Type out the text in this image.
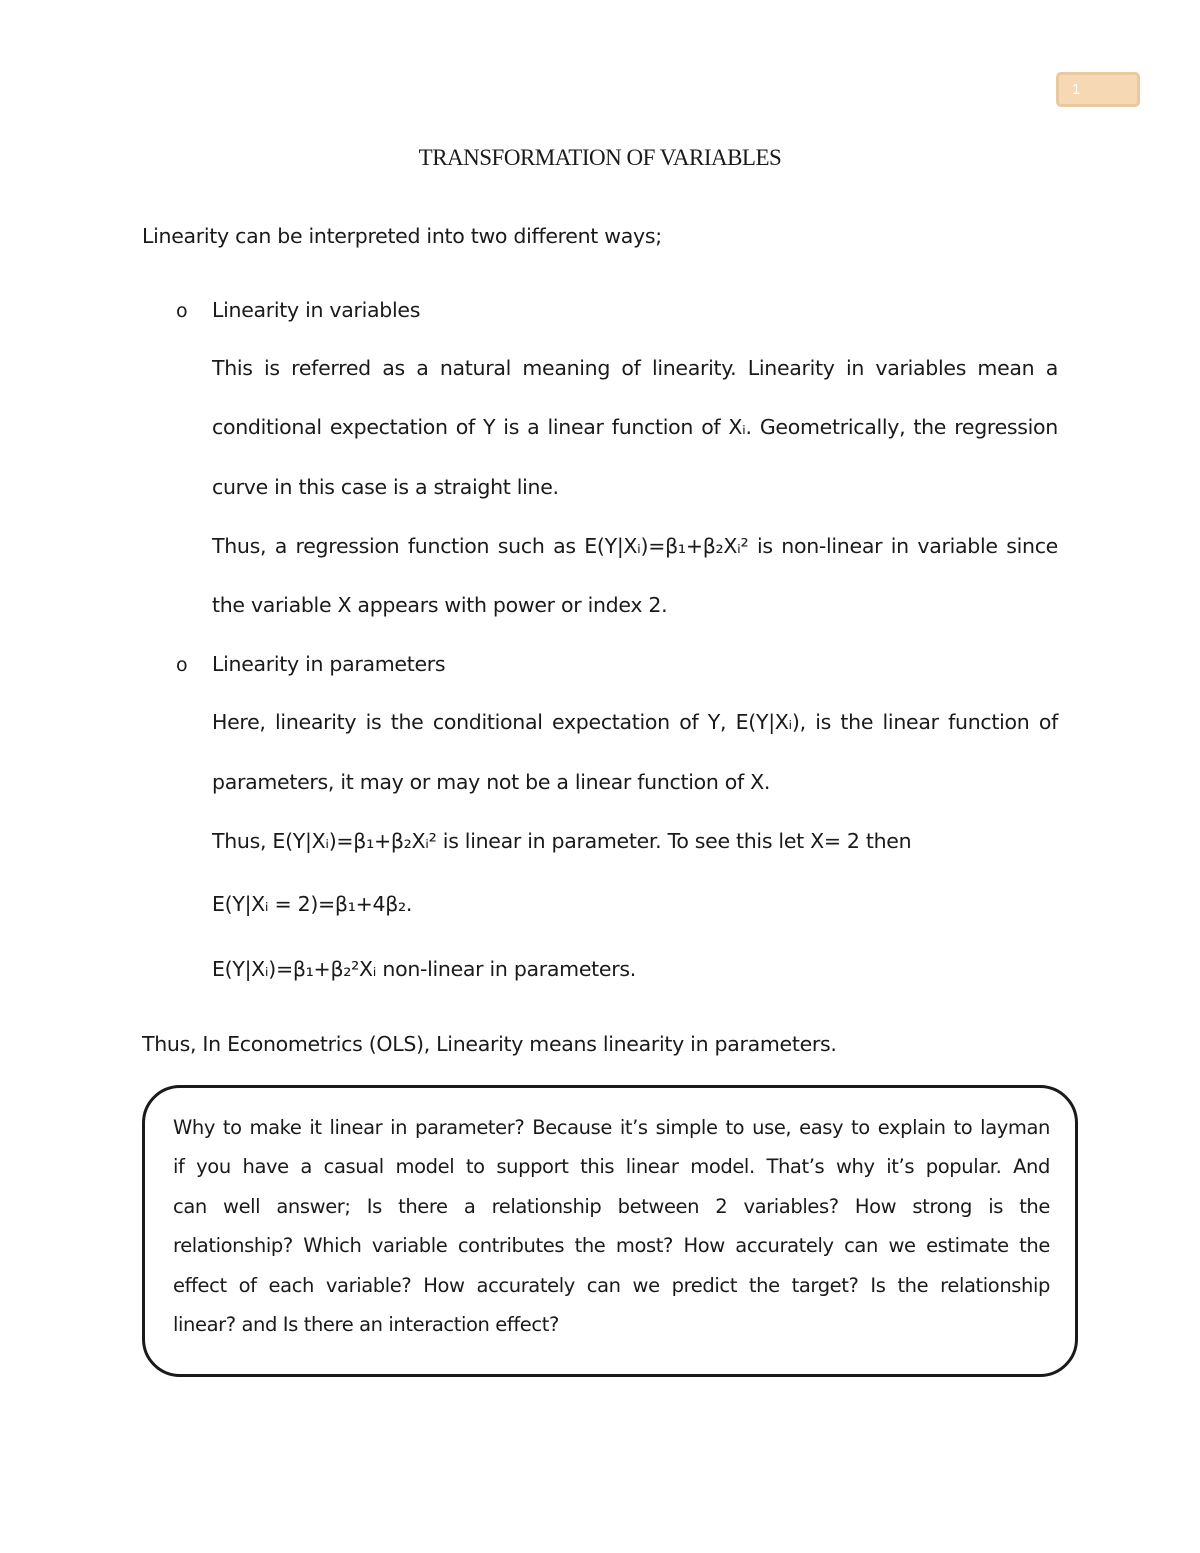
1
TRANSFORMATION OF VARIABLES
Linearity can be interpreted into two different ways;
o Linearity in variables
This is referred as a natural meaning of linearity. Linearity in variables mean a
conditional expectation of Y is a linear function of Xᵢ. Geometrically, the regression
curve in this case is a straight line.
Thus, a regression function such as E(Y|Xᵢ)=β₁+β₂Xᵢ² is non-linear in variable since
the variable X appears with power or index 2.
o Linearity in parameters
Here, linearity is the conditional expectation of Y, E(Y|Xᵢ), is the linear function of
parameters, it may or may not be a linear function of X.
Thus, E(Y|Xᵢ)=β₁+β₂Xᵢ² is linear in parameter. To see this let X= 2 then
E(Y|Xᵢ = 2)=β₁+4β₂.
E(Y|Xᵢ)=β₁+β₂²Xᵢ non-linear in parameters.
Thus, In Econometrics (OLS), Linearity means linearity in parameters.
Why to make it linear in parameter? Because it’s simple to use, easy to explain to layman
if you have a casual model to support this linear model. That’s why it’s popular. And
can well answer; Is there a relationship between 2 variables? How strong is the
relationship? Which variable contributes the most? How accurately can we estimate the
effect of each variable? How accurately can we predict the target? Is the relationship
linear? and Is there an interaction effect?
